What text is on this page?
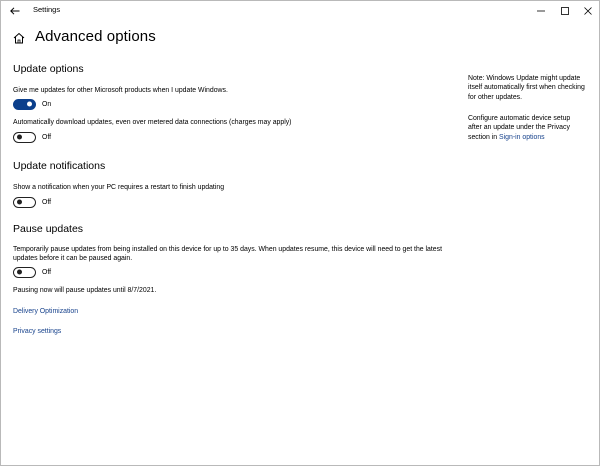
Settings
Advanced options
Update options
Give me updates for other Microsoft products when I update Windows.
On
Automatically download updates, even over metered data connections (charges may apply)
Off
Update notifications
Show a notification when your PC requires a restart to finish updating
Off
Pause updates
Temporarily pause updates from being installed on this device for up to 35 days. When updates resume, this device will need to get the latest
updates before it can be paused again.
Off
Pausing now will pause updates until 8/7/2021.
Delivery Optimization
Privacy settings
Note: Windows Update might update
itself automatically first when checking
for other updates.
Configure automatic device setup
after an update under the Privacy
section in Sign-in options
